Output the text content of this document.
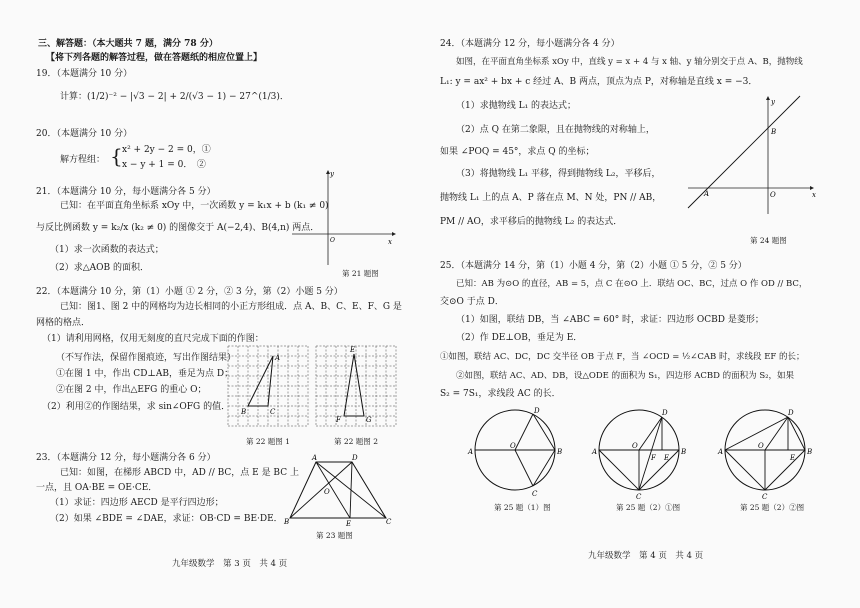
三、解答题：（本大题共 7 题，满分 78 分）
【将下列各题的解答过程，做在答题纸的相应位置上】
19．（本题满分 10 分）
计算：(1/2)⁻² − |√3 − 2| + 2/(√3 − 1) − 27^(1/3)．
20．（本题满分 10 分）
解方程组： { x² + 2y − 2 = 0，①
x − y + 1 = 0．　②
21．（本题满分 10 分，每小题满分各 5 分）
已知：在平面直角坐标系 xOy 中，一次函数 y = k₁x + b (k₁ ≠ 0)
与反比例函数 y = k₂/x (k₂ ≠ 0) 的图像交于 A(−2,4)、B(4,n) 两点．
（1）求一次函数的表达式；
（2）求△AOB 的面积．
x
y
O
第 21 题图
22．（本题满分 10 分，第（1）小题 ① 2 分，② 3 分，第（2）小题 5 分）
已知：图1、图 2 中的网格均为边长相同的小正方形组成．点 A、B、C、E、F、G 是
网格的格点．
（1）请利用网格，仅用无刻度的直尺完成下面的作图：
（不写作法，保留作图痕迹，写出作图结果）
①在图 1 中，作出 CD⊥AB，垂足为点 D；
②在图 2 中，作出△EFG 的重心 O；
（2）利用②的作图结果，求 sin∠OFG 的值．
A
B	C
第 22 题图 1
E
F	G
第 22 题图 2
23．（本题满分 12 分，每小题满分各 6 分）
已知：如图，在梯形 ABCD 中，AD // BC，点 E 是 BC 上
一点，且 OA·BE = OE·CE．
（1）求证：四边形 AECD 是平行四边形；
（2）如果 ∠BDE = ∠DAE，求证：OB·CD = BE·DE．
A	D
O
B	E	C
第 23 题图
九年级数学　第 3 页　共 4 页
24．（本题满分 12 分，每小题满分各 4 分）
如图，在平面直角坐标系 xOy 中，直线 y = x + 4 与 x 轴、y 轴分别交于点 A、B，抛物线
L₁: y = ax² + bx + c 经过 A、B 两点，顶点为点 P，对称轴是直线 x = −3．
（1）求抛物线 L₁ 的表达式；
（2）点 Q 在第二象限，且在抛物线的对称轴上，
如果 ∠POQ = 45°，求点 Q 的坐标；
（3）将抛物线 L₁ 平移，得到抛物线 L₂，平移后，
抛物线 L₁ 上的点 A、P 落在点 M、N 处，PN // AB，
PM // AO，求平移后的抛物线 L₂ 的表达式．
y
B
A	O	x
第 24 题图
25．（本题满分 14 分，第（1）小题 4 分，第（2）小题 ① 5 分，② 5 分）
已知：AB 为⊙O 的直径，AB = 5，点 C 在⊙O 上．联结 OC、BC，过点 O 作 OD // BC，
交⊙O 于点 D．
（1）如图，联结 DB，当 ∠ABC = 60° 时，求证：四边形 OCBD 是菱形；
（2）作 DE⊥OB，垂足为 E．
①如图，联结 AC、DC，DC 交半径 OB 于点 F，当 ∠OCD = ½∠CAB 时，求线段 EF 的长；
②如图，联结 AC、AD、DB，设△ODE 的面积为 S₁，四边形 ACBD 的面积为 S₂，如果
S₂ = 7S₁，求线段 AC 的长．
D
A
O
B
C
第 25 题（1）图
D
A
O
F E
B
C
第 25 题（2）①图
D
A
O
E
B
C
第 25 题（2）②图
九年级数学　第 4 页　共 4 页
